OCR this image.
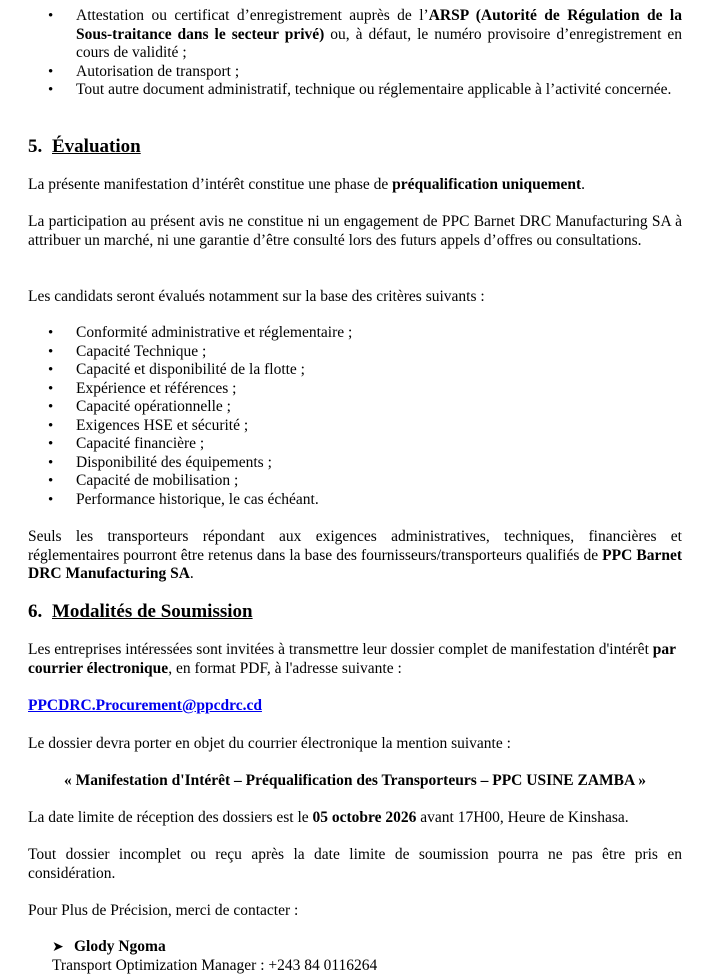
• Attestation ou certificat d’enregistrement auprès de l’ARSP (Autorité de Régulation de la Sous-traitance dans le secteur privé) ou, à défaut, le numéro provisoire d’enregistrement en cours de validité ;
• Autorisation de transport ;
• Tout autre document administratif, technique ou réglementaire applicable à l’activité concernée.
5. Évaluation

La présente manifestation d’intérêt constitue une phase de préqualification uniquement.

La participation au présent avis ne constitue ni un engagement de PPC Barnet DRC Manufacturing SA à attribuer un marché, ni une garantie d’être consulté lors des futurs appels d’offres ou consultations.

Les candidats seront évalués notamment sur la base des critères suivants :

• Conformité administrative et réglementaire ;
• Capacité Technique ;
• Capacité et disponibilité de la flotte ;
• Expérience et références ;
• Capacité opérationnelle ;
• Exigences HSE et sécurité ;
• Capacité financière ;
• Disponibilité des équipements ;
• Capacité de mobilisation ;
• Performance historique, le cas échéant.

Seuls les transporteurs répondant aux exigences administratives, techniques, financières et réglementaires pourront être retenus dans la base des fournisseurs/transporteurs qualifiés de PPC Barnet DRC Manufacturing SA.

6. Modalités de Soumission

Les entreprises intéressées sont invitées à transmettre leur dossier complet de manifestation d'intérêt par courrier électronique, en format PDF, à l'adresse suivante :

PPCDRC.Procurement@ppcdrc.cd

Le dossier devra porter en objet du courrier électronique la mention suivante :

« Manifestation d'Intérêt – Préqualification des Transporteurs – PPC USINE ZAMBA »

La date limite de réception des dossiers est le 05 octobre 2026 avant 17H00, Heure de Kinshasa.

Tout dossier incomplet ou reçu après la date limite de soumission pourra ne pas être pris en considération.

Pour Plus de Précision, merci de contacter :

➤ Glody Ngoma

Transport Optimization Manager : +243 84 0116264
